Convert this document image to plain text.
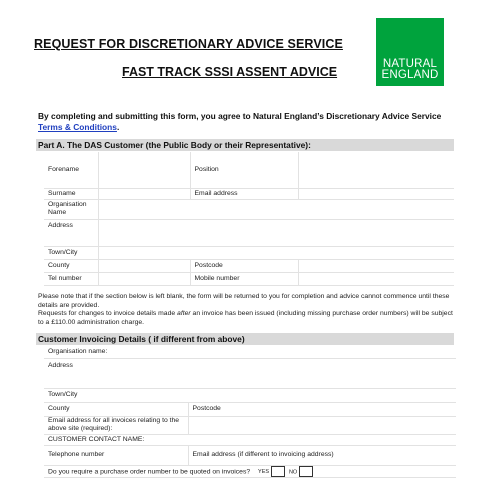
REQUEST FOR DISCRETIONARY ADVICE SERVICE
FAST TRACK SSSI ASSENT ADVICE
NATURAL
ENGLAND
By completing and submitting this form, you agree to Natural England’s Discretionary Advice Service
Terms & Conditions.
Part A. The DAS Customer (the Public Body or their Representative):
Forename		Position	
Surname		Email address	
Organisation Name			
Address			
Town/City			
County		Postcode	
Tel number		Mobile number	
Please note that if the section below is left blank, the form will be returned to you for completion and advice cannot commence until these details are provided.
Requests for changes to invoice details made after an invoice has been issued (including missing purchase order numbers) will be subject to a £110.00 administration charge.
Customer Invoicing Details ( if different from above)
Organisation name:	
Address	
Town/City	
County	Postcode
Email address for all invoices relating to the above site (required):	
CUSTOMER CONTACT NAME:	
Telephone number	Email address (if different to invoicing address)
Do you require a purchase order number to be quoted on invoices? YES NO	
